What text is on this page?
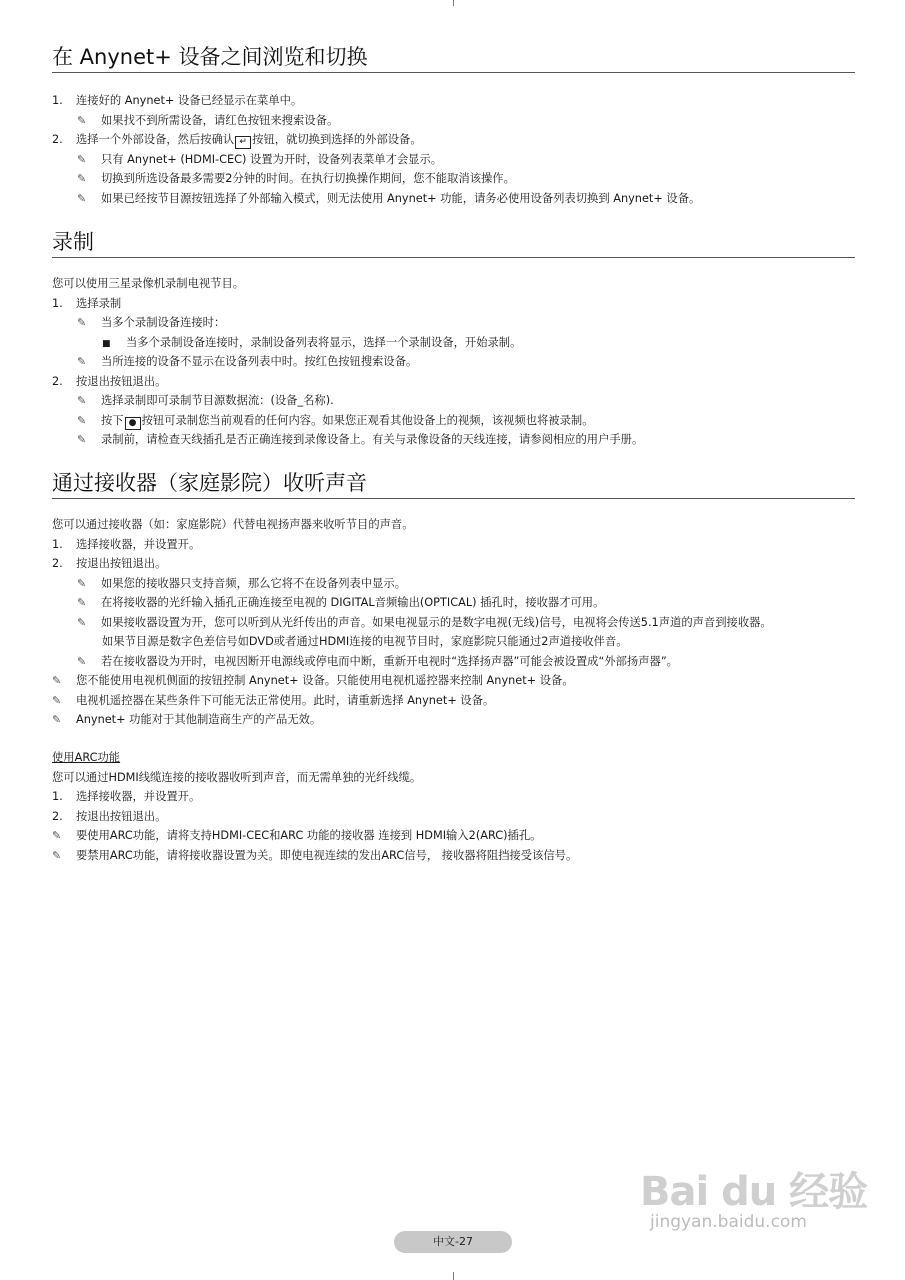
在 Anynet+ 设备之间浏览和切换
1. 连接好的 Anynet+ 设备已经显示在菜单中。
✎ 如果找不到所需设备，请红色按钮来搜索设备。
2. 选择一个外部设备，然后按确认 ↵ 按钮，就切换到选择的外部设备。
✎ 只有 Anynet+ (HDMI-CEC) 设置为开时，设备列表菜单才会显示。
✎ 切换到所选设备最多需要2分钟的时间。在执行切换操作期间，您不能取消该操作。
✎ 如果已经按节目源按钮选择了外部输入模式，则无法使用 Anynet+ 功能，请务必使用设备列表切换到 Anynet+ 设备。
录制
您可以使用三星录像机录制电视节目。
1. 选择录制
✎ 当多个录制设备连接时：
■ 当多个录制设备连接时，录制设备列表将显示，选择一个录制设备，开始录制。
✎ 当所连接的设备不显示在设备列表中时。按红色按钮搜索设备。
2. 按退出按钮退出。
✎ 选择录制即可录制节目源数据流：(设备_名称).
✎ 按下 ● 按钮可录制您当前观看的任何内容。如果您正观看其他设备上的视频，该视频也将被录制。
✎ 录制前，请检查天线插孔是否正确连接到录像设备上。有关与录像设备的天线连接，请参阅相应的用户手册。
通过接收器（家庭影院）收听声音
您可以通过接收器（如：家庭影院）代替电视扬声器来收听节目的声音。
1. 选择接收器，并设置开。
2. 按退出按钮退出。
✎ 如果您的接收器只支持音频，那么它将不在设备列表中显示。
✎ 在将接收器的光纤输入插孔正确连接至电视的 DIGITAL音频输出(OPTICAL) 插孔时，接收器才可用。
✎ 如果接收器设置为开，您可以听到从光纤传出的声音。如果电视显示的是数字电视(无线)信号，电视将会传送5.1声道的声音到接收器。
如果节目源是数字色差信号如DVD或者通过HDMI连接的电视节目时，家庭影院只能通过2声道接收伴音。
✎ 若在接收器设为开时，电视因断开电源线或停电而中断，重新开电视时“选择扬声器”可能会被设置成“外部扬声器”。
✎ 您不能使用电视机侧面的按钮控制 Anynet+ 设备。只能使用电视机遥控器来控制 Anynet+ 设备。
✎ 电视机遥控器在某些条件下可能无法正常使用。此时，请重新选择 Anynet+ 设备。
✎ Anynet+ 功能对于其他制造商生产的产品无效。
使用ARC功能
您可以通过HDMI线缆连接的接收器收听到声音，而无需单独的光纤线缆。
1. 选择接收器，并设置开。
2. 按退出按钮退出。
✎ 要使用ARC功能，请将支持HDMI-CEC和ARC 功能的接收器 连接到 HDMI输入2(ARC)插孔。
✎ 要禁用ARC功能，请将接收器设置为关。即使电视连续的发出ARC信号， 接收器将阻挡接受该信号。
Bai du 经验
jingyan.baidu.com
中文-27
